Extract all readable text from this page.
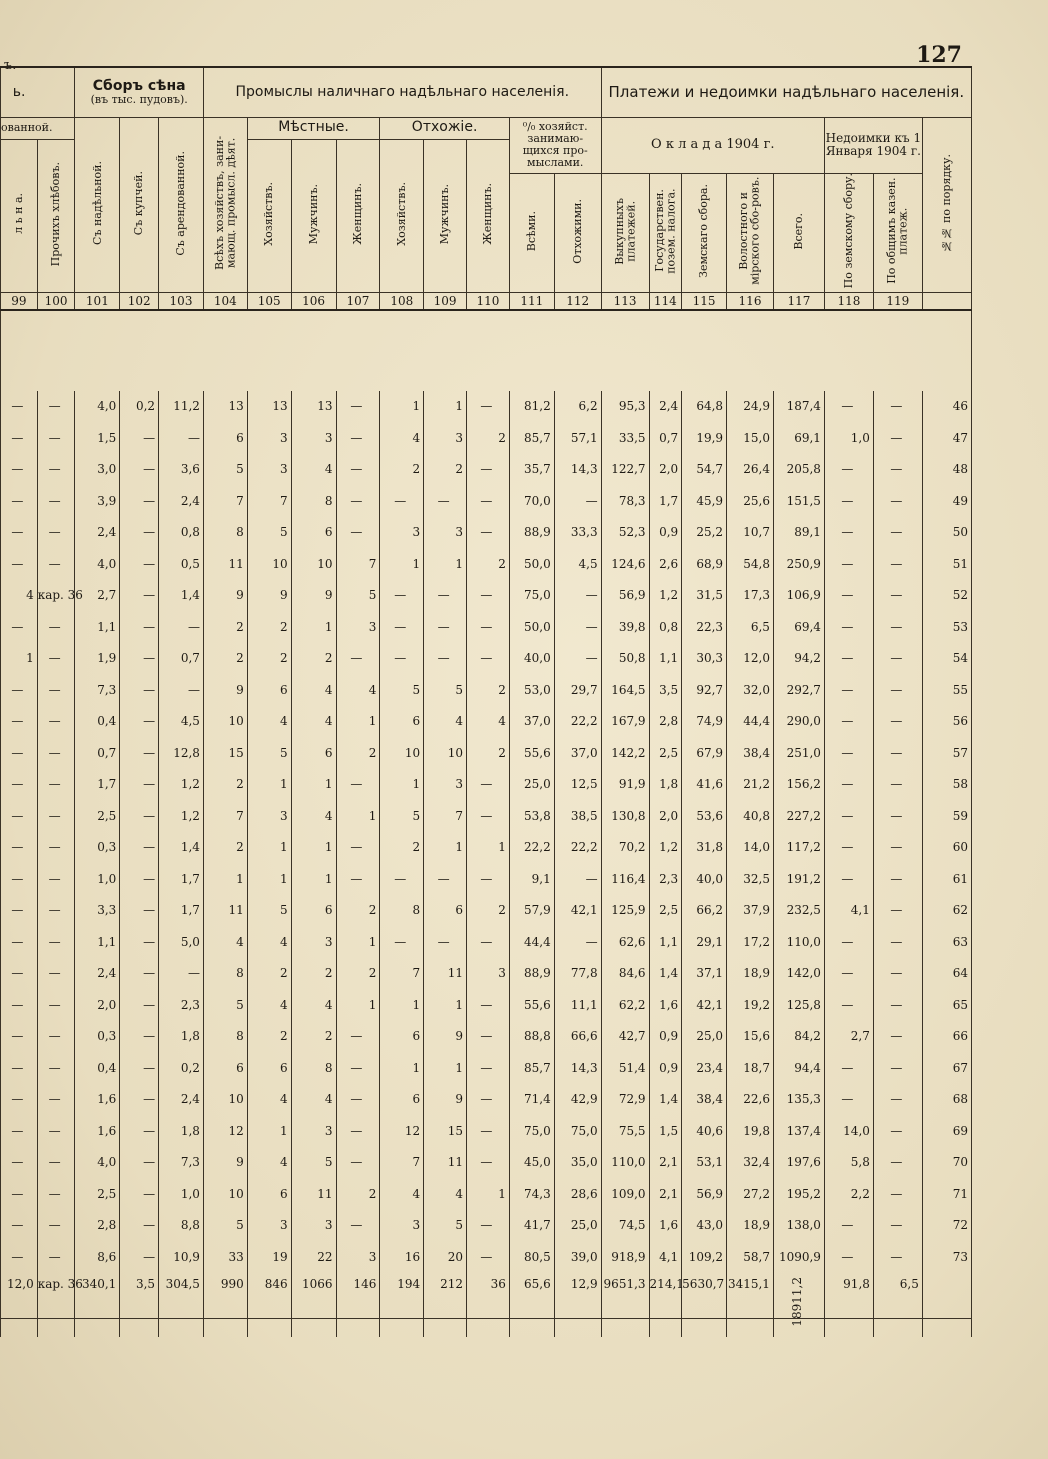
127
ъ.
ь.		Сборъ сѣна
(въ тыс. пудовъ).			Промыслы наличнаго надѣльнаго населенія.									Платежи и недоимки надѣльнаго населенія.							
ованной.		Съ надѣльной.	Съ купчей.	Съ арендованной.	Всѣхъ хозяйствъ, зани-мающ. промысл. дѣят.	Мѣстные.			Отхожіе.			⁰/₀ хозяйст. занимаю-щихся про-мыслами.		О к л а д а 1904 г.					Недоимки къ 1 Января 1904 г.		№№ по порядку.
л ь н а.	Прочихъ хлѣбовъ.					Хозяйствъ.	Мужчинъ.	Женщинъ.	Хозяйствъ.	Мужчинъ.	Женщинъ.										
												Всѣми.	Отхожими.	Выкупныхъ платежей.	Государствен. позем. налога.	Земскаго сбора.	Волостного и мірского сбо-ровъ.	Всего.	По земскому сбору.	По общимъ казен. платеж.	
99	100	101	102	103	104	105	106	107	108	109	110	111	112	113	114	115	116	117	118	119	

—	—	4,0	0,2	11,2	13	13	13	—	1	1	—	81,2	6,2	95,3	2,4	64,8	24,9	187,4	—	—	46
—	—	1,5	—	—	6	3	3	—	4	3	2	85,7	57,1	33,5	0,7	19,9	15,0	69,1	1,0	—	47
—	—	3,0	—	3,6	5	3	4	—	2	2	—	35,7	14,3	122,7	2,0	54,7	26,4	205,8	—	—	48
—	—	3,9	—	2,4	7	7	8	—	—	—	—	70,0	—	78,3	1,7	45,9	25,6	151,5	—	—	49
—	—	2,4	—	0,8	8	5	6	—	3	3	—	88,9	33,3	52,3	0,9	25,2	10,7	89,1	—	—	50
—	—	4,0	—	0,5	11	10	10	7	1	1	2	50,0	4,5	124,6	2,6	68,9	54,8	250,9	—	—	51
4	кар. 36	2,7	—	1,4	9	9	9	5	—	—	—	75,0	—	56,9	1,2	31,5	17,3	106,9	—	—	52
—	—	1,1	—	—	2	2	1	3	—	—	—	50,0	—	39,8	0,8	22,3	6,5	69,4	—	—	53
1	—	1,9	—	0,7	2	2	2	—	—	—	—	40,0	—	50,8	1,1	30,3	12,0	94,2	—	—	54
—	—	7,3	—	—	9	6	4	4	5	5	2	53,0	29,7	164,5	3,5	92,7	32,0	292,7	—	—	55
—	—	0,4	—	4,5	10	4	4	1	6	4	4	37,0	22,2	167,9	2,8	74,9	44,4	290,0	—	—	56
—	—	0,7	—	12,8	15	5	6	2	10	10	2	55,6	37,0	142,2	2,5	67,9	38,4	251,0	—	—	57
—	—	1,7	—	1,2	2	1	1	—	1	3	—	25,0	12,5	91,9	1,8	41,6	21,2	156,2	—	—	58
—	—	2,5	—	1,2	7	3	4	1	5	7	—	53,8	38,5	130,8	2,0	53,6	40,8	227,2	—	—	59
—	—	0,3	—	1,4	2	1	1	—	2	1	1	22,2	22,2	70,2	1,2	31,8	14,0	117,2	—	—	60
—	—	1,0	—	1,7	1	1	1	—	—	—	—	9,1	—	116,4	2,3	40,0	32,5	191,2	—	—	61
—	—	3,3	—	1,7	11	5	6	2	8	6	2	57,9	42,1	125,9	2,5	66,2	37,9	232,5	4,1	—	62
—	—	1,1	—	5,0	4	4	3	1	—	—	—	44,4	—	62,6	1,1	29,1	17,2	110,0	—	—	63
—	—	2,4	—	—	8	2	2	2	7	11	3	88,9	77,8	84,6	1,4	37,1	18,9	142,0	—	—	64
—	—	2,0	—	2,3	5	4	4	1	1	1	—	55,6	11,1	62,2	1,6	42,1	19,2	125,8	—	—	65
—	—	0,3	—	1,8	8	2	2	—	6	9	—	88,8	66,6	42,7	0,9	25,0	15,6	84,2	2,7	—	66
—	—	0,4	—	0,2	6	6	8	—	1	1	—	85,7	14,3	51,4	0,9	23,4	18,7	94,4	—	—	67
—	—	1,6	—	2,4	10	4	4	—	6	9	—	71,4	42,9	72,9	1,4	38,4	22,6	135,3	—	—	68
—	—	1,6	—	1,8	12	1	3	—	12	15	—	75,0	75,0	75,5	1,5	40,6	19,8	137,4	14,0	—	69
—	—	4,0	—	7,3	9	4	5	—	7	11	—	45,0	35,0	110,0	2,1	53,1	32,4	197,6	5,8	—	70
—	—	2,5	—	1,0	10	6	11	2	4	4	1	74,3	28,6	109,0	2,1	56,9	27,2	195,2	2,2	—	71
—	—	2,8	—	8,8	5	3	3	—	3	5	—	41,7	25,0	74,5	1,6	43,0	18,9	138,0	—	—	72
—	—	8,6	—	10,9	33	19	22	3	16	20	—	80,5	39,0	918,9	4,1	109,2	58,7	1090,9	—	—	73
12,0	кар. 36	340,1	3,5	304,5	990	846	1066	146	194	212	36	65,6	12,9	9651,3	214,1	5630,7	3415,1	18911,2	91,8	6,5	
